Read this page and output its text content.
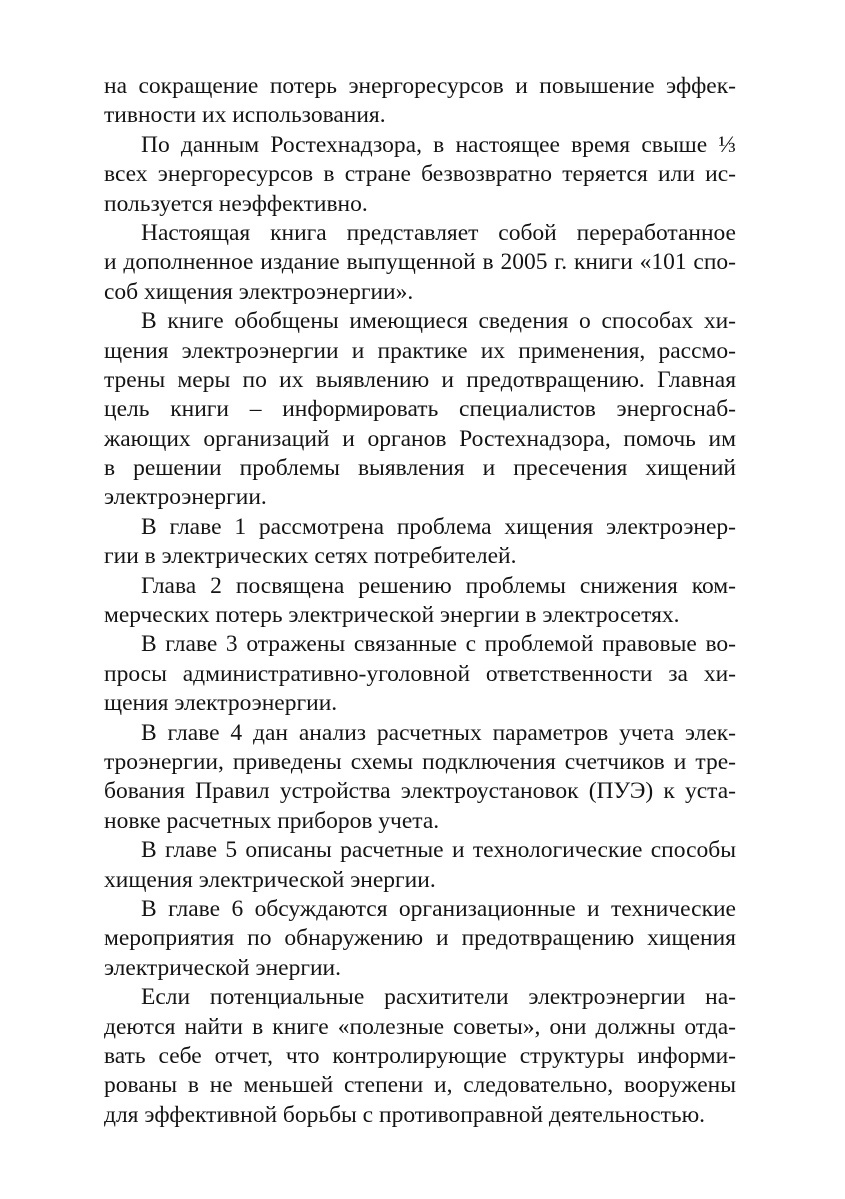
на сокращение потерь энергоресурсов и повышение эффек-
тивности их использования.
По данным Ростехнадзора, в настоящее время свыше ⅓
всех энергоресурсов в стране безвозвратно теряется или ис-
пользуется неэффективно.
Настоящая книга представляет собой переработанное
и дополненное издание выпущенной в 2005 г. книги «101 спо-
соб хищения электроэнергии».
В книге обобщены имеющиеся сведения о способах хи-
щения электроэнергии и практике их применения, рассмо-
трены меры по их выявлению и предотвращению. Главная
цель книги – информировать специалистов энергоснаб-
жающих организаций и органов Ростехнадзора, помочь им
в решении проблемы выявления и пресечения хищений
электроэнергии.
В главе 1 рассмотрена проблема хищения электроэнер-
гии в электрических сетях потребителей.
Глава 2 посвящена решению проблемы снижения ком-
мерческих потерь электрической энергии в электросетях.
В главе 3 отражены связанные с проблемой правовые во-
просы административно-уголовной ответственности за хи-
щения электроэнергии.
В главе 4 дан анализ расчетных параметров учета элек-
троэнергии, приведены схемы подключения счетчиков и тре-
бования Правил устройства электроустановок (ПУЭ) к уста-
новке расчетных приборов учета.
В главе 5 описаны расчетные и технологические способы
хищения электрической энергии.
В главе 6 обсуждаются организационные и технические
мероприятия по обнаружению и предотвращению хищения
электрической энергии.
Если потенциальные расхитители электроэнергии на-
деются найти в книге «полезные советы», они должны отда-
вать себе отчет, что контролирующие структуры информи-
рованы в не меньшей степени и, следовательно, вооружены
для эффективной борьбы с противоправной деятельностью.
